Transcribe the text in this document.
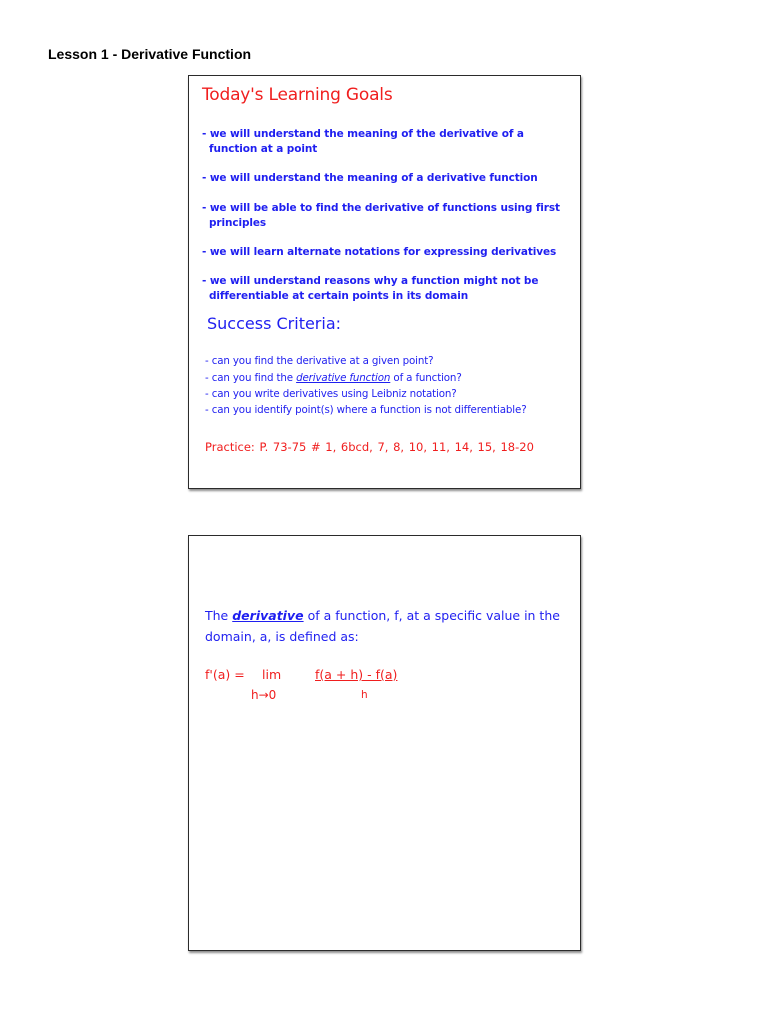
Lesson 1 - Derivative Function
Today's Learning Goals
- we will understand the meaning of the derivative of a
function at a point
- we will understand the meaning of a derivative function
- we will be able to find the derivative of functions using first
principles
- we will learn alternate notations for expressing derivatives
- we will understand reasons why a function might not be
differentiable at certain points in its domain
Success Criteria:
- can you find the derivative at a given point?
- can you find the derivative function of a function?
- can you write derivatives using Leibniz notation?
- can you identify point(s) where a function is not differentiable?
Practice: P. 73-75 # 1, 6bcd, 7, 8, 10, 11, 14, 15, 18-20
The derivative of a function, f, at a specific value in the domain, a, is defined as:
f'(a) = lim	f(a + h) - f(a)
h→0	h
